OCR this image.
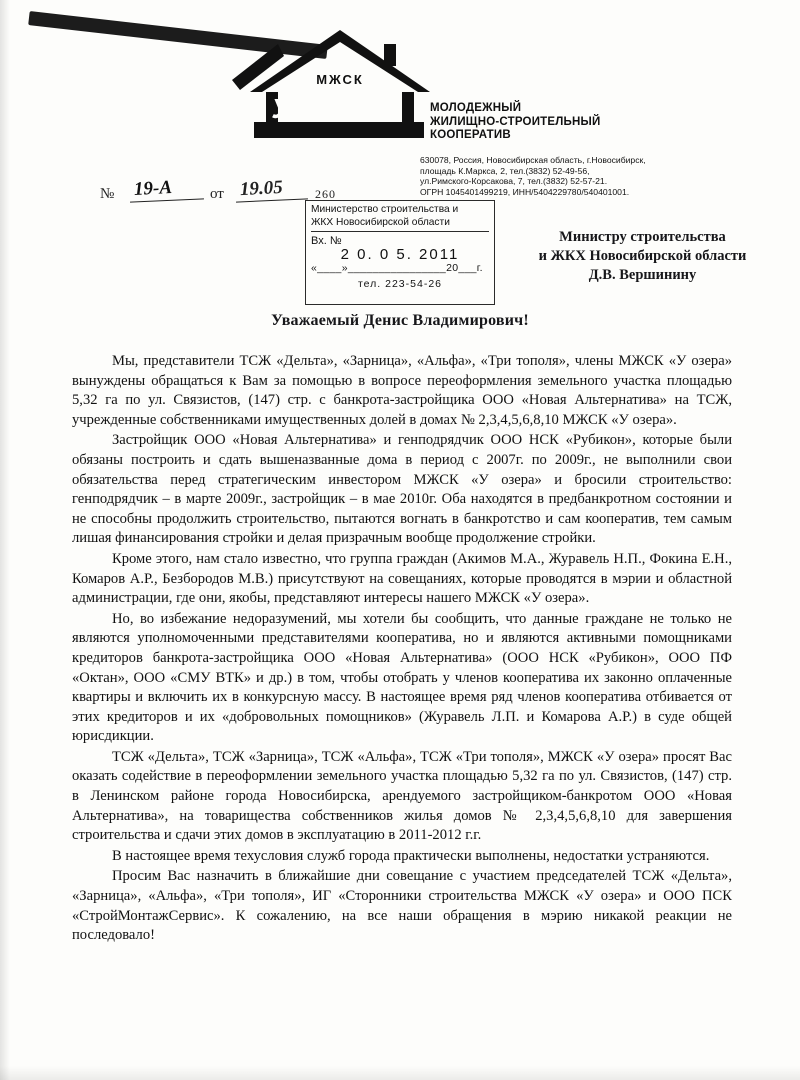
МЖСК
У ОЗЕРА	МОЛОДЕЖНЫЙ
ЖИЛИЩНО-СТРОИТЕЛЬНЫЙ
КООПЕРАТИВ
630078, Россия, Новосибирская область, г.Новосибирск,
площадь К.Маркса, 2, тел.(3832) 52-49-56,
ул.Римского-Корсакова, 7, тел.(3832) 52-57-21.
ОГРН 1045401499219, ИНН/5404229780/540401001.
№ 19-А	от 19.05	260
Министерство строительства и
ЖКХ Новосибирской области
Вх. №
2 0. 0 5. 2011
«____»________________20___г.
тел. 223-54-26
Министру строительства
и ЖКХ Новосибирской области
Д.В. Вершинину
Уважаемый Денис Владимирович!

Мы, представители ТСЖ «Дельта», «Зарница», «Альфа», «Три тополя», члены МЖСК «У озера» вынуждены обращаться к Вам за помощью в вопросе переоформления земельного участка площадью 5,32 га по ул. Связистов, (147) стр. с банкрота-застройщика ООО «Новая Альтернатива» на ТСЖ, учрежденные собственниками имущественных долей в домах № 2,3,4,5,6,8,10 МЖСК «У озера».

Застройщик ООО «Новая Альтернатива» и генподрядчик ООО НСК «Рубикон», которые были обязаны построить и сдать вышеназванные дома в период с 2007г. по 2009г., не выполнили свои обязательства перед стратегическим инвестором МЖСК «У озера» и бросили строительство: генподрядчик – в марте 2009г., застройщик – в мае 2010г. Оба находятся в предбанкротном состоянии и не способны продолжить строительство, пытаются вогнать в банкротство и сам кооператив, тем самым лишая финансирования стройки и делая призрачным вообще продолжение стройки.

Кроме этого, нам стало известно, что группа граждан (Акимов М.А., Журавель Н.П., Фокина Е.Н., Комаров А.Р., Безбородов М.В.) присутствуют на совещаниях, которые проводятся в мэрии и областной администрации, где они, якобы, представляют интересы нашего МЖСК «У озера».

Но, во избежание недоразумений, мы хотели бы сообщить, что данные граждане не только не являются уполномоченными представителями кооператива, но и являются активными помощниками кредиторов банкрота-застройщика ООО «Новая Альтернатива» (ООО НСК «Рубикон», ООО ПФ «Октан», ООО «СМУ ВТК» и др.) в том, чтобы отобрать у членов кооператива их законно оплаченные квартиры и включить их в конкурсную массу. В настоящее время ряд членов кооператива отбивается от этих кредиторов и их «добровольных помощников» (Журавель Л.П. и Комарова А.Р.) в суде общей юрисдикции.

ТСЖ «Дельта», ТСЖ «Зарница», ТСЖ «Альфа», ТСЖ «Три тополя», МЖСК «У озера» просят Вас оказать содействие в переоформлении земельного участка площадью 5,32 га по ул. Связистов, (147) стр. в Ленинском районе города Новосибирска, арендуемого застройщиком-банкротом ООО «Новая Альтернатива», на товарищества собственников жилья домов № 2,3,4,5,6,8,10 для завершения строительства и сдачи этих домов в эксплуатацию в 2011-2012 г.г.

В настоящее время техусловия служб города практически выполнены, недостатки устраняются.

Просим Вас назначить в ближайшие дни совещание с участием председателей ТСЖ «Дельта», «Зарница», «Альфа», «Три тополя», ИГ «Сторонники строительства МЖСК «У озера» и ООО ПСК «СтройМонтажСервис». К сожалению, на все наши обращения в мэрию никакой реакции не последовало!
